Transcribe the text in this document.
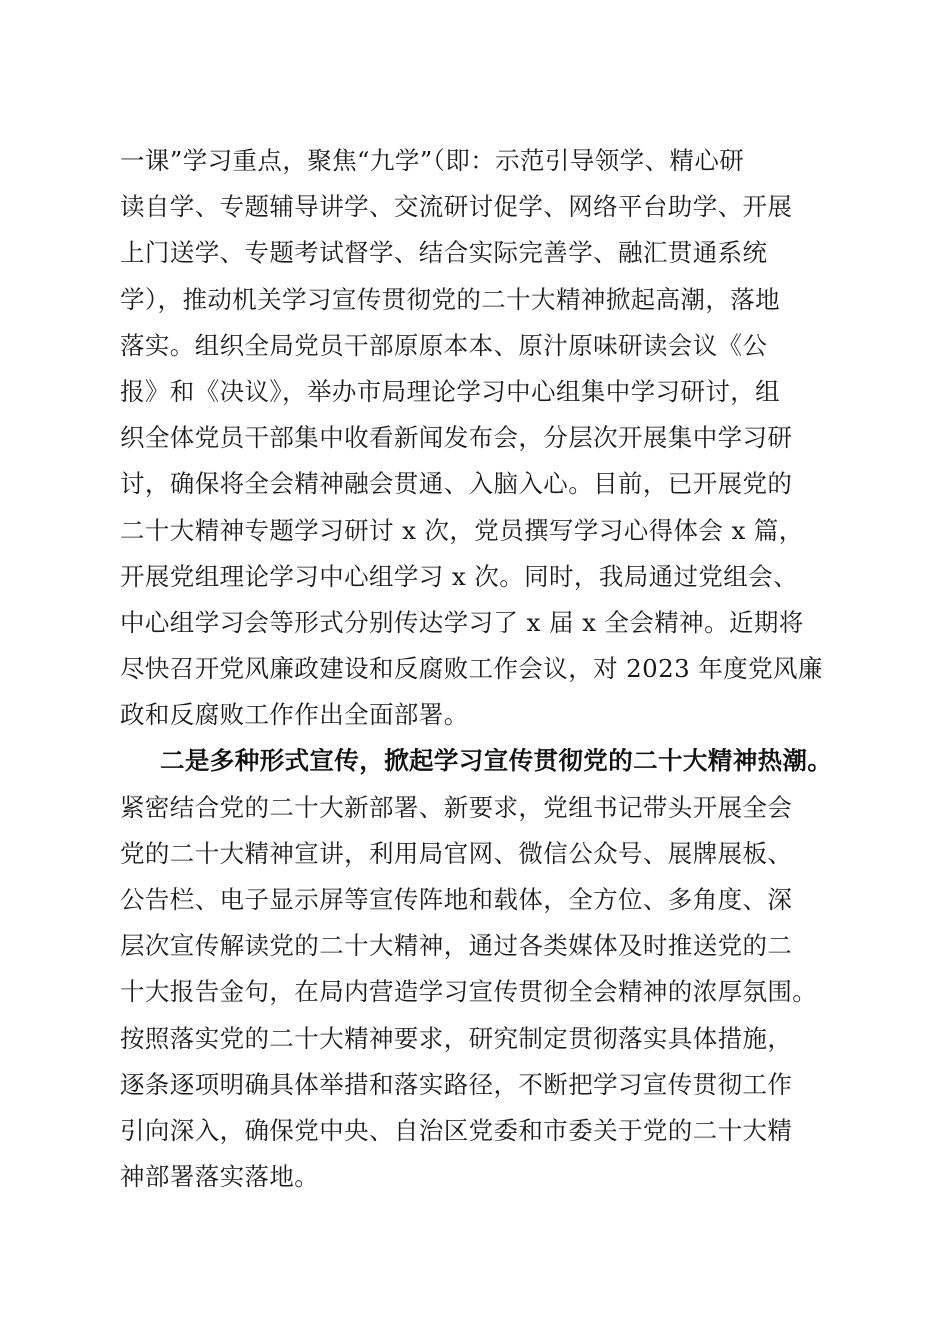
一课”学习重点，聚焦“九学”（即：示范引导领学、精心研
读自学、专题辅导讲学、交流研讨促学、网络平台助学、开展
上门送学、专题考试督学、结合实际完善学、融汇贯通系统
学），推动机关学习宣传贯彻党的二十大精神掀起高潮，落地
落实。组织全局党员干部原原本本、原汁原味研读会议《公
报》和《决议》，举办市局理论学习中心组集中学习研讨，组
织全体党员干部集中收看新闻发布会，分层次开展集中学习研
讨，确保将全会精神融会贯通、入脑入心。目前，已开展党的
二十大精神专题学习研讨 x 次，党员撰写学习心得体会 x 篇，
开展党组理论学习中心组学习 x 次。同时，我局通过党组会、
中心组学习会等形式分别传达学习了 x 届 x 全会精神。近期将
尽快召开党风廉政建设和反腐败工作会议，对 2023 年度党风廉
政和反腐败工作作出全面部署。
二是多种形式宣传，掀起学习宣传贯彻党的二十大精神热潮。
紧密结合党的二十大新部署、新要求，党组书记带头开展全会
党的二十大精神宣讲，利用局官网、微信公众号、展牌展板、
公告栏、电子显示屏等宣传阵地和载体，全方位、多角度、深
层次宣传解读党的二十大精神，通过各类媒体及时推送党的二
十大报告金句，在局内营造学习宣传贯彻全会精神的浓厚氛围。
按照落实党的二十大精神要求，研究制定贯彻落实具体措施，
逐条逐项明确具体举措和落实路径，不断把学习宣传贯彻工作
引向深入，确保党中央、自治区党委和市委关于党的二十大精
神部署落实落地。
